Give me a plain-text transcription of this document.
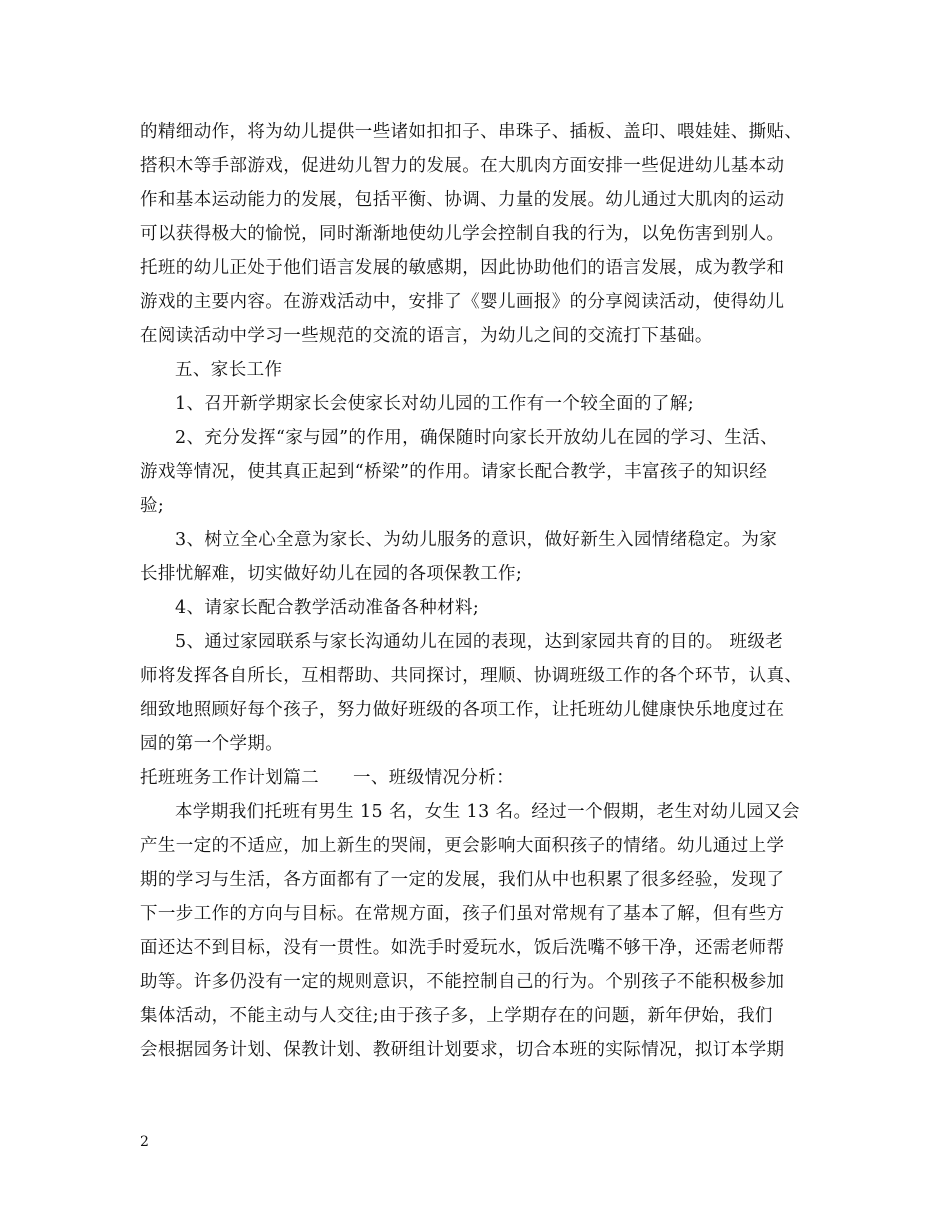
的精细动作，将为幼儿提供一些诸如扣扣子、串珠子、插板、盖印、喂娃娃、撕贴、
搭积木等手部游戏，促进幼儿智力的发展。在大肌肉方面安排一些促进幼儿基本动
作和基本运动能力的发展，包括平衡、协调、力量的发展。幼儿通过大肌肉的运动
可以获得极大的愉悦，同时渐渐地使幼儿学会控制自我的行为，以免伤害到别人。
托班的幼儿正处于他们语言发展的敏感期，因此协助他们的语言发展，成为教学和
游戏的主要内容。在游戏活动中，安排了《婴儿画报》的分享阅读活动，使得幼儿
在阅读活动中学习一些规范的交流的语言，为幼儿之间的交流打下基础。
五、家长工作
1、召开新学期家长会使家长对幼儿园的工作有一个较全面的了解;
2、充分发挥“家与园”的作用，确保随时向家长开放幼儿在园的学习、生活、
游戏等情况，使其真正起到“桥梁”的作用。请家长配合教学，丰富孩子的知识经
验;
3、树立全心全意为家长、为幼儿服务的意识，做好新生入园情绪稳定。为家
长排忧解难，切实做好幼儿在园的各项保教工作;
4、请家长配合教学活动准备各种材料;
5、通过家园联系与家长沟通幼儿在园的表现，达到家园共育的目的。 班级老
师将发挥各自所长，互相帮助、共同探讨，理顺、协调班级工作的各个环节，认真、
细致地照顾好每个孩子，努力做好班级的各项工作，让托班幼儿健康快乐地度过在
园的第一个学期。
托班班务工作计划篇二 一、班级情况分析：
本学期我们托班有男生 15 名，女生 13 名。经过一个假期，老生对幼儿园又会
产生一定的不适应，加上新生的哭闹，更会影响大面积孩子的情绪。幼儿通过上学
期的学习与生活，各方面都有了一定的发展，我们从中也积累了很多经验，发现了
下一步工作的方向与目标。在常规方面，孩子们虽对常规有了基本了解，但有些方
面还达不到目标，没有一贯性。如洗手时爱玩水，饭后洗嘴不够干净，还需老师帮
助等。许多仍没有一定的规则意识，不能控制自己的行为。个别孩子不能积极参加
集体活动，不能主动与人交往;由于孩子多，上学期存在的问题，新年伊始，我们
会根据园务计划、保教计划、教研组计划要求，切合本班的实际情况，拟订本学期
2
